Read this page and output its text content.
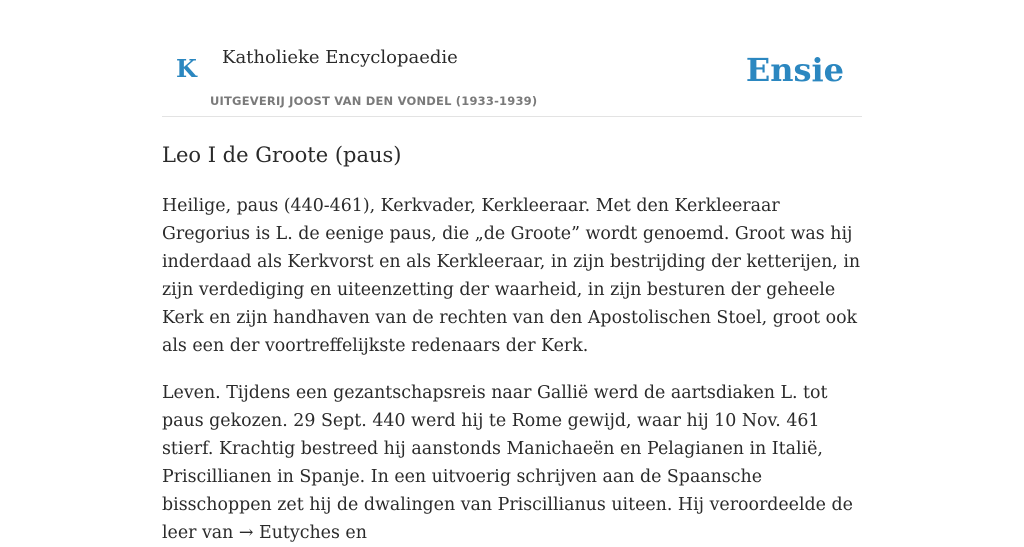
K Katholieke Encyclopaedie
UITGEVERIJ JOOST VAN DEN VONDEL (1933-1939)
Ensie
Leo I de Groote (paus)

Heilige, paus (440-461), Kerkvader, Kerkleeraar. Met den Kerkleeraar Gregorius is L. de eenige paus, die „de Groote” wordt genoemd. Groot was hij inderdaad als Kerkvorst en als Kerkleeraar, in zijn bestrijding der ketterijen, in zijn verdediging en uiteenzetting der waarheid, in zijn besturen der geheele Kerk en zijn handhaven van de rechten van den Apostolischen Stoel, groot ook als een der voortreffelijkste redenaars der Kerk.

Leven. Tijdens een gezantschapsreis naar Gallië werd de aartsdiaken L. tot paus gekozen. 29 Sept. 440 werd hij te Rome gewijd, waar hij 10 Nov. 461 stierf. Krachtig bestreed hij aanstonds Manichaeën en Pelagianen in Italië, Priscillianen in Spanje. In een uitvoerig schrijven aan de Spaansche bisschoppen zet hij de dwalingen van Priscillianus uiteen. Hij veroordeelde de leer van → Eutyches en
